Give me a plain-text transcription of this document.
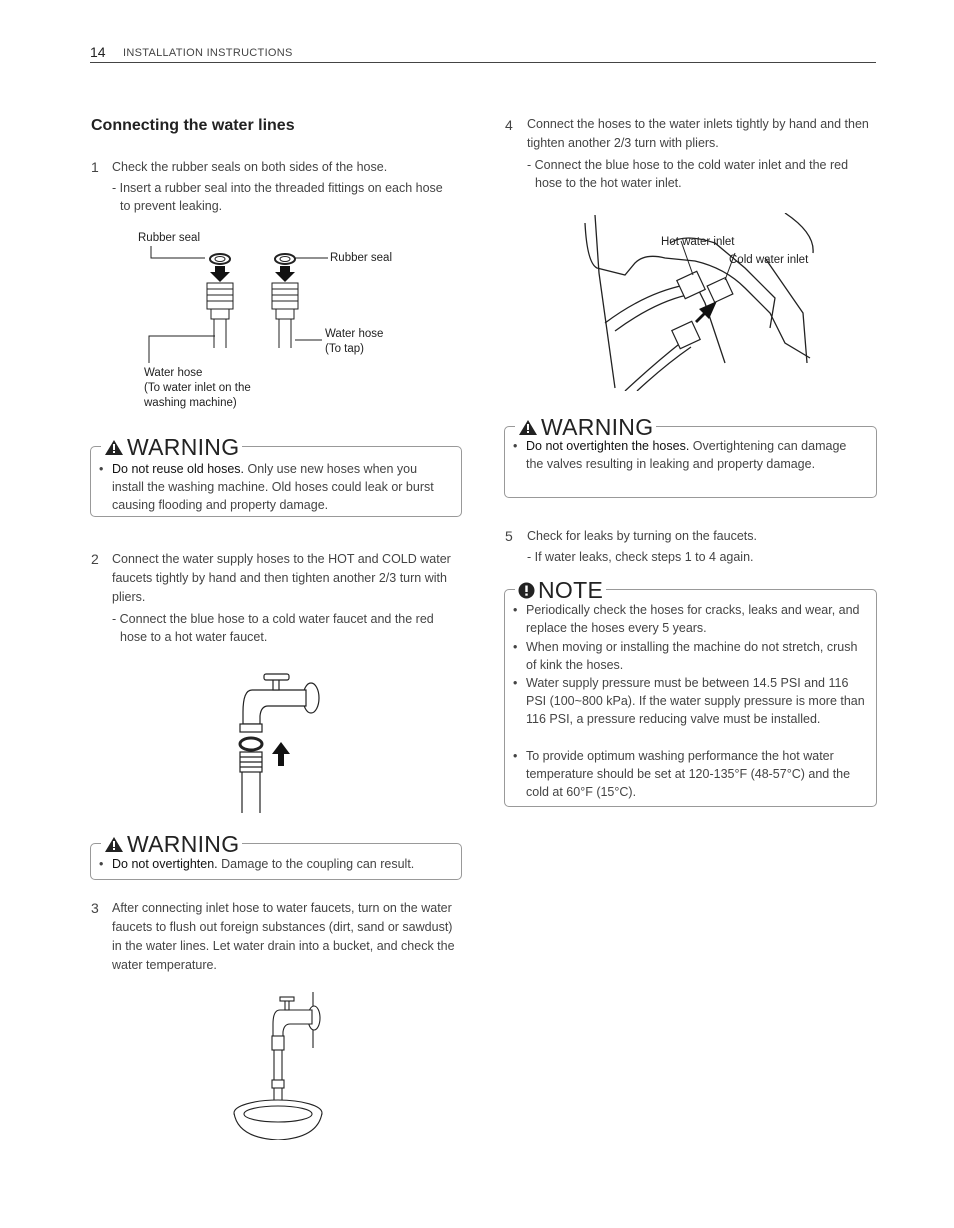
14 INSTALLATION INSTRUCTIONS
Connecting the water lines
1 Check the rubber seals on both sides of the hose.
- Insert a rubber seal into the threaded fittings on each hose to prevent leaking.
Rubber seal
Rubber seal
Water hose
(To tap)
Water hose
(To water inlet on the
washing machine)
WARNING
• Do not reuse old hoses. Only use new hoses when you install the washing machine. Old hoses could leak or burst causing flooding and property damage.
2 Connect the water supply hoses to the HOT and COLD water faucets tightly by hand and then tighten another 2/3 turn with pliers.
- Connect the blue hose to a cold water faucet and the red hose to a hot water faucet.
WARNING
• Do not overtighten. Damage to the coupling can result.
3 After connecting inlet hose to water faucets, turn on the water faucets to flush out foreign substances (dirt, sand or sawdust) in the water lines. Let water drain into a bucket, and check the water temperature.
4 Connect the hoses to the water inlets tightly by hand and then tighten another 2/3 turn with pliers.
- Connect the blue hose to the cold water inlet and the red hose to the hot water inlet.
Hot water inlet
Cold water inlet
WARNING
• Do not overtighten the hoses. Overtightening can damage the valves resulting in leaking and property damage.
5 Check for leaks by turning on the faucets.
- If water leaks, check steps 1 to 4 again.
NOTE
• Periodically check the hoses for cracks, leaks and wear, and replace the hoses every 5 years.
• When moving or installing the machine do not stretch, crush of kink the hoses.
• Water supply pressure must be between 14.5 PSI and 116 PSI (100~800 kPa). If the water supply pressure is more than 116 PSI, a pressure reducing valve must be installed.
• To provide optimum washing performance the hot water temperature should be set at 120-135°F (48-57°C) and the cold at 60°F (15°C).
